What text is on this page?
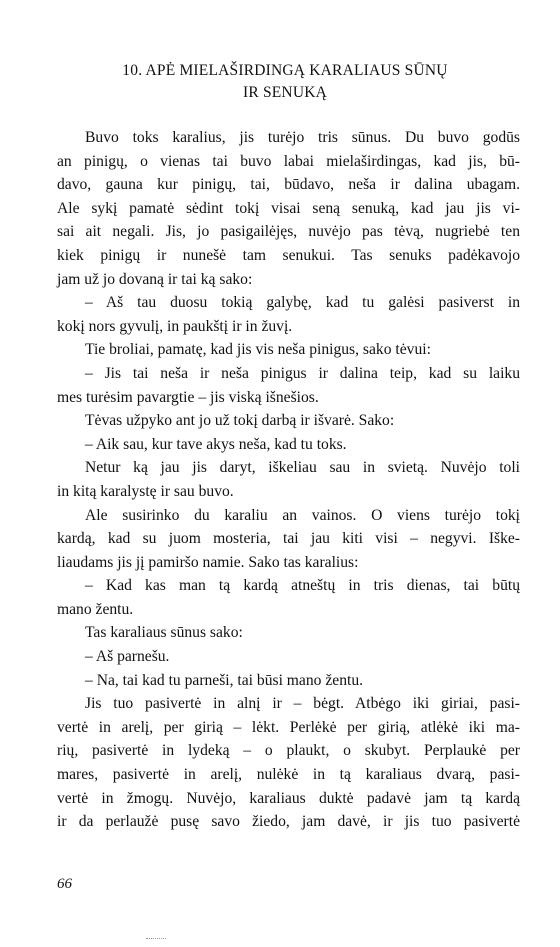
10. APĖ MIELAŠIRDINGĄ KARALIAUS SŪNŲ
IR SENUKĄ
Buvo toks karalius, jis turėjo tris sūnus. Du buvo godūs
an pinigų, o vienas tai buvo labai mielaširdingas, kad jis, bū-
davo, gauna kur pinigų, tai, būdavo, neša ir dalina ubagam.
Ale sykį pamatė sėdint tokį visai seną senuką, kad jau jis vi-
sai ait negali. Jis, jo pasigailėjęs, nuvėjo pas tėvą, nugriebė ten
kiek pinigų ir nunešė tam senukui. Tas senuks padėkavojo
jam už jo dovaną ir tai ką sako:
– Aš tau duosu tokią galybę, kad tu galėsi pasiverst in
kokį nors gyvulį, in paukštį ir in žuvį.
Tie broliai, pamatę, kad jis vis neša pinigus, sako tėvui:
– Jis tai neša ir neša pinigus ir dalina teip, kad su laiku
mes turėsim pavargtie – jis viską išnešios.
Tėvas užpyko ant jo už tokį darbą ir išvarė. Sako:
– Aik sau, kur tave akys neša, kad tu toks.
Netur ką jau jis daryt, iškeliau sau in svietą. Nuvėjo toli
in kitą karalystę ir sau buvo.
Ale susirinko du karaliu an vainos. O viens turėjo tokį
kardą, kad su juom mosteria, tai jau kiti visi – negyvi. Iške-
liaudams jis jį pamiršo namie. Sako tas karalius:
– Kad kas man tą kardą atneštų in tris dienas, tai būtų
mano žentu.
Tas karaliaus sūnus sako:
– Aš parnešu.
– Na, tai kad tu parneši, tai būsi mano žentu.
Jis tuo pasivertė in alnį ir – bėgt. Atbėgo iki giriai, pasi-
vertė in arelį, per girią – lėkt. Perlėkė per girią, atlėkė iki ma-
rių, pasivertė in lydeką – o plaukt, o skubyt. Perplaukė per
mares, pasivertė in arelį, nulėkė in tą karaliaus dvarą, pasi-
vertė in žmogų. Nuvėjo, karaliaus duktė padavė jam tą kardą
ir da perlaužė pusę savo žiedo, jam davė, ir jis tuo pasivertė
66
